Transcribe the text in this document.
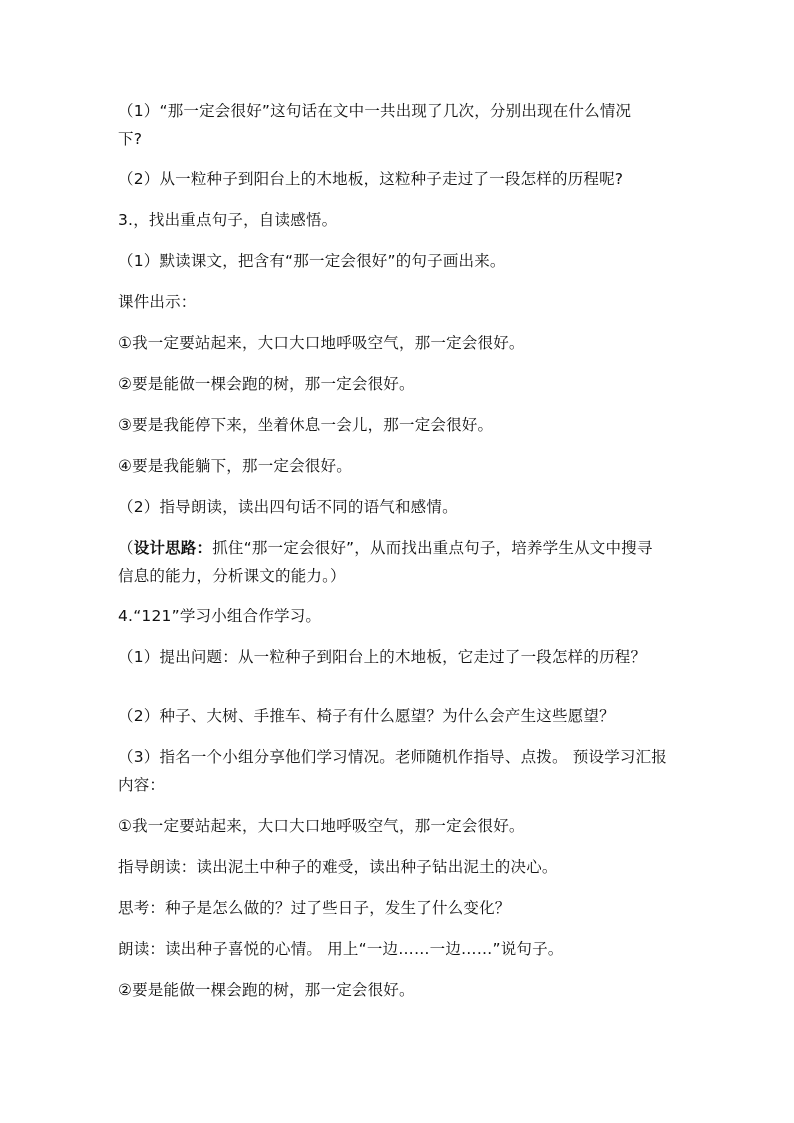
（1）“那一定会很好”这句话在文中一共出现了几次，分别出现在什么情况
下?
（2）从一粒种子到阳台上的木地板，这粒种子走过了一段怎样的历程呢?
3.，找出重点句子，自读感悟。
（1）默读课文，把含有“那一定会很好”的句子画出来。
课件出示：
①我一定要站起来，大口大口地呼吸空气，那一定会很好。
②要是能做一棵会跑的树，那一定会很好。
③要是我能停下来，坐着休息一会儿，那一定会很好。
④要是我能躺下，那一定会很好。
（2）指导朗读，读出四句话不同的语气和感情。
（设计思路：抓住“那一定会很好”，从而找出重点句子，培养学生从文中搜寻
信息的能力，分析课文的能力。）
4.“121”学习小组合作学习。
（1）提出问题：从一粒种子到阳台上的木地板，它走过了一段怎样的历程？
（2）种子、大树、手推车、椅子有什么愿望？为什么会产生这些愿望？
（3）指名一个小组分享他们学习情况。老师随机作指导、点拨。 预设学习汇报
内容：
①我一定要站起来，大口大口地呼吸空气，那一定会很好。
指导朗读：读出泥土中种子的难受，读出种子钻出泥土的决心。
思考：种子是怎么做的？过了些日子，发生了什么变化？
朗读：读出种子喜悦的心情。 用上“一边……一边……”说句子。
②要是能做一棵会跑的树，那一定会很好。
